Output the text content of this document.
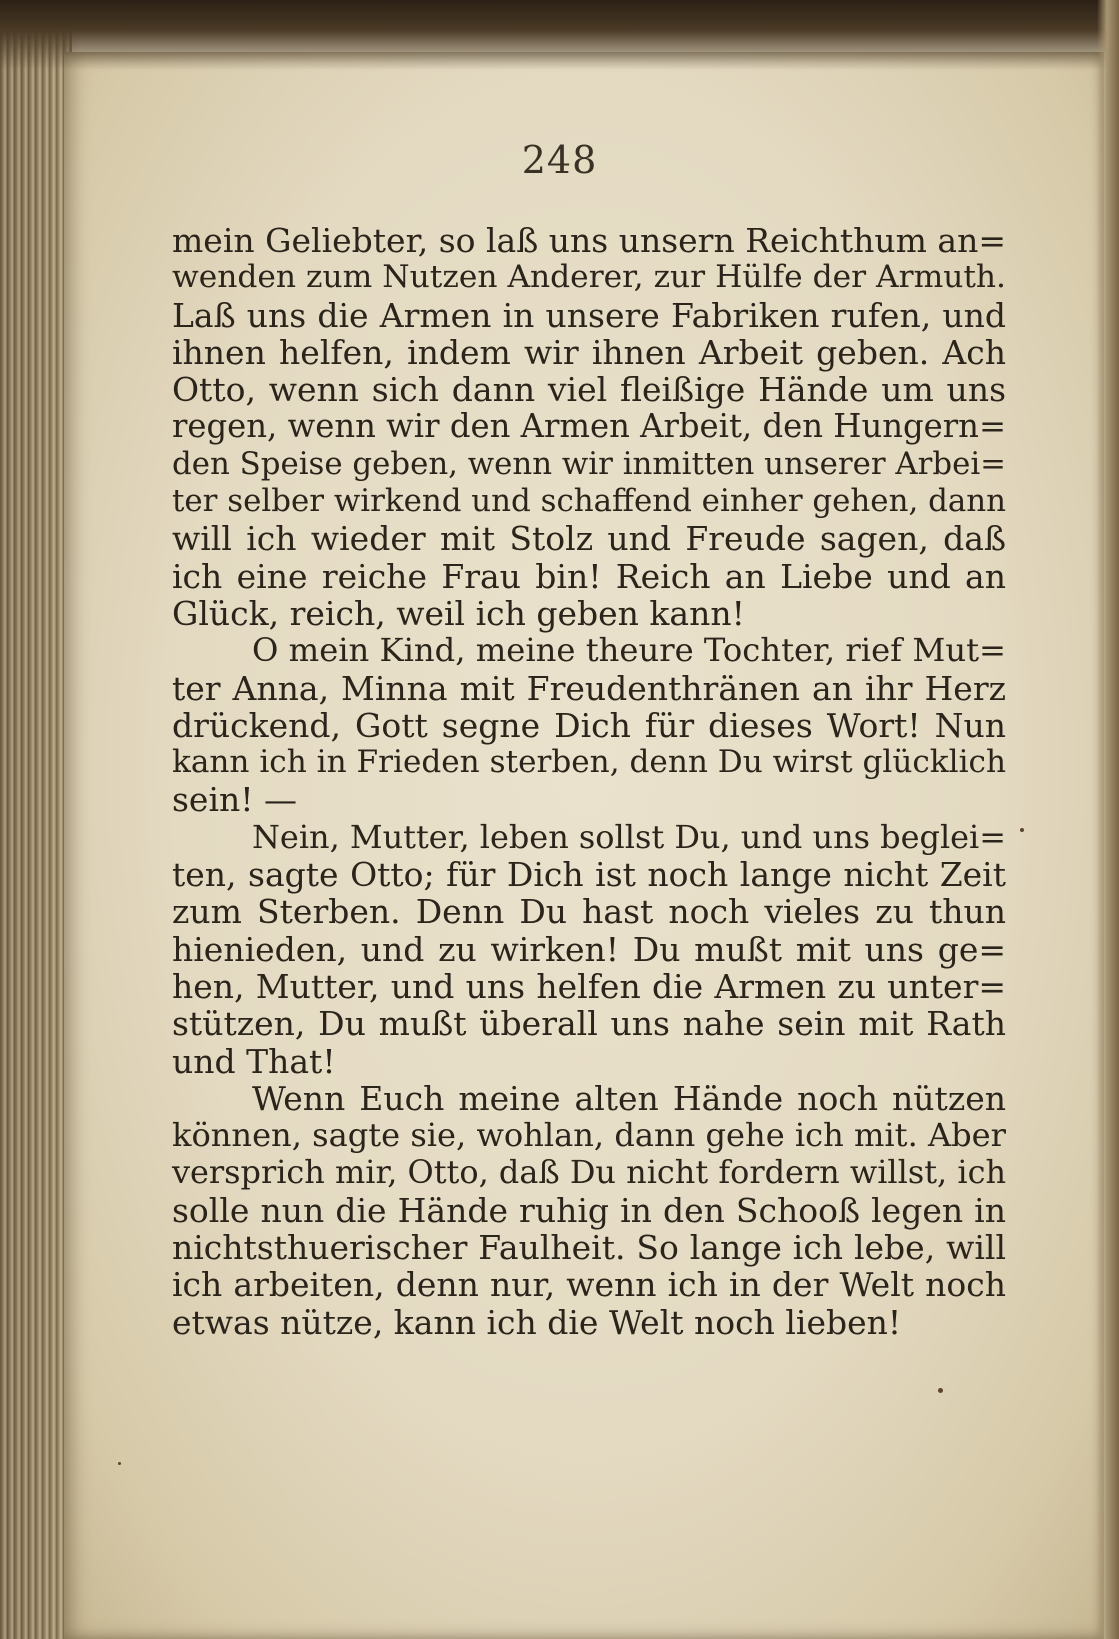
248
mein Geliebter, so laß uns unsern Reichthum an=
wenden zum Nutzen Anderer, zur Hülfe der Armuth.
Laß uns die Armen in unsere Fabriken rufen, und
ihnen helfen, indem wir ihnen Arbeit geben. Ach
Otto, wenn sich dann viel fleißige Hände um uns
regen, wenn wir den Armen Arbeit, den Hungern=
den Speise geben, wenn wir inmitten unserer Arbei=
ter selber wirkend und schaffend einher gehen, dann
will ich wieder mit Stolz und Freude sagen, daß
ich eine reiche Frau bin! Reich an Liebe und an
Glück, reich, weil ich geben kann!
O mein Kind, meine theure Tochter, rief Mut=
ter Anna, Minna mit Freudenthränen an ihr Herz
drückend, Gott segne Dich für dieses Wort! Nun
kann ich in Frieden sterben, denn Du wirst glücklich
sein! —
Nein, Mutter, leben sollst Du, und uns beglei=
ten, sagte Otto; für Dich ist noch lange nicht Zeit
zum Sterben. Denn Du hast noch vieles zu thun
hienieden, und zu wirken! Du mußt mit uns ge=
hen, Mutter, und uns helfen die Armen zu unter=
stützen, Du mußt überall uns nahe sein mit Rath
und That!
Wenn Euch meine alten Hände noch nützen
können, sagte sie, wohlan, dann gehe ich mit. Aber
versprich mir, Otto, daß Du nicht fordern willst, ich
solle nun die Hände ruhig in den Schooß legen in
nichtsthuerischer Faulheit. So lange ich lebe, will
ich arbeiten, denn nur, wenn ich in der Welt noch
etwas nütze, kann ich die Welt noch lieben!
